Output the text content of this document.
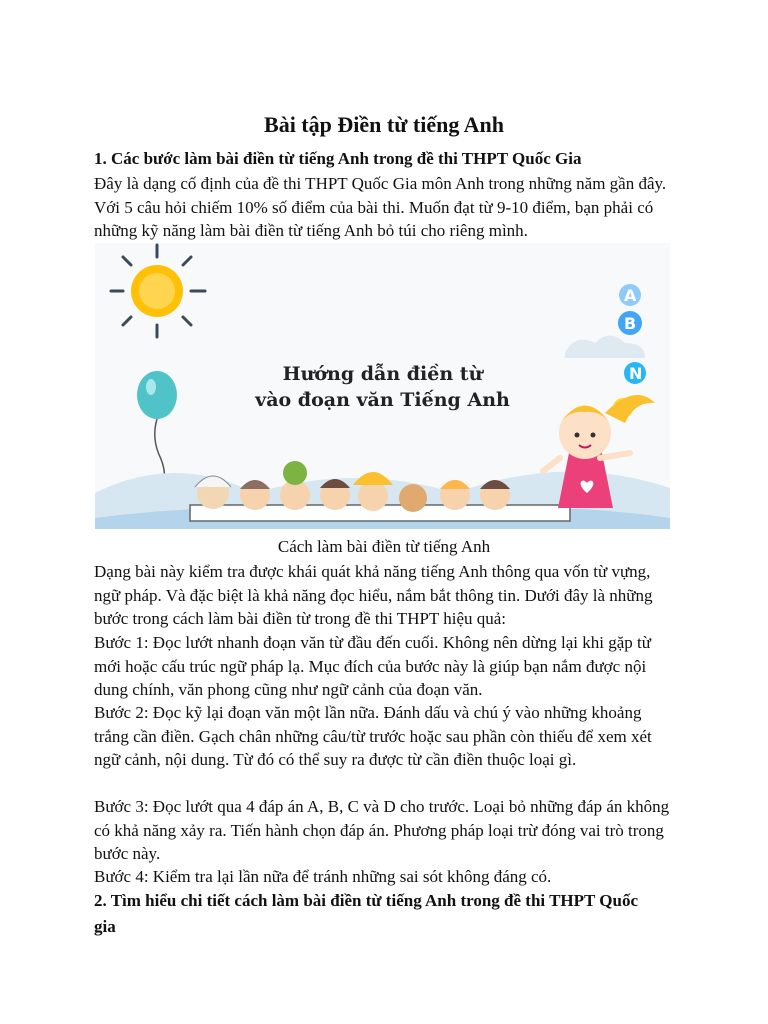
Bài tập Điền từ tiếng Anh
1. Các bước làm bài điền từ tiếng Anh trong đề thi THPT Quốc Gia

Đây là dạng cố định của đề thi THPT Quốc Gia môn Anh trong những năm gần đây. Với 5 câu hỏi chiếm 10% số điểm của bài thi. Muốn đạt từ 9-10 điểm, bạn phải có những kỹ năng làm bài điền từ tiếng Anh bỏ túi cho riêng mình.

A
B
N
Hướng dẫn điền từ
vào đoạn văn Tiếng Anh

Cách làm bài điền từ tiếng Anh

Dạng bài này kiểm tra được khái quát khả năng tiếng Anh thông qua vốn từ vựng, ngữ pháp. Và đặc biệt là khả năng đọc hiểu, nắm bắt thông tin. Dưới đây là những bước trong cách làm bài điền từ trong đề thi THPT hiệu quả:

Bước 1: Đọc lướt nhanh đoạn văn từ đầu đến cuối. Không nên dừng lại khi gặp từ mới hoặc cấu trúc ngữ pháp lạ. Mục đích của bước này là giúp bạn nắm được nội dung chính, văn phong cũng như ngữ cảnh của đoạn văn.

Bước 2: Đọc kỹ lại đoạn văn một lần nữa. Đánh dấu và chú ý vào những khoảng trắng cần điền. Gạch chân những câu/từ trước hoặc sau phần còn thiếu để xem xét ngữ cảnh, nội dung. Từ đó có thể suy ra được từ cần điền thuộc loại gì.

Bước 3: Đọc lướt qua 4 đáp án A, B, C và D cho trước. Loại bỏ những đáp án không có khả năng xảy ra. Tiến hành chọn đáp án. Phương pháp loại trừ đóng vai trò trong bước này.

Bước 4: Kiểm tra lại lần nữa để tránh những sai sót không đáng có.

2. Tìm hiểu chi tiết cách làm bài điền từ tiếng Anh trong đề thi THPT Quốc gia
